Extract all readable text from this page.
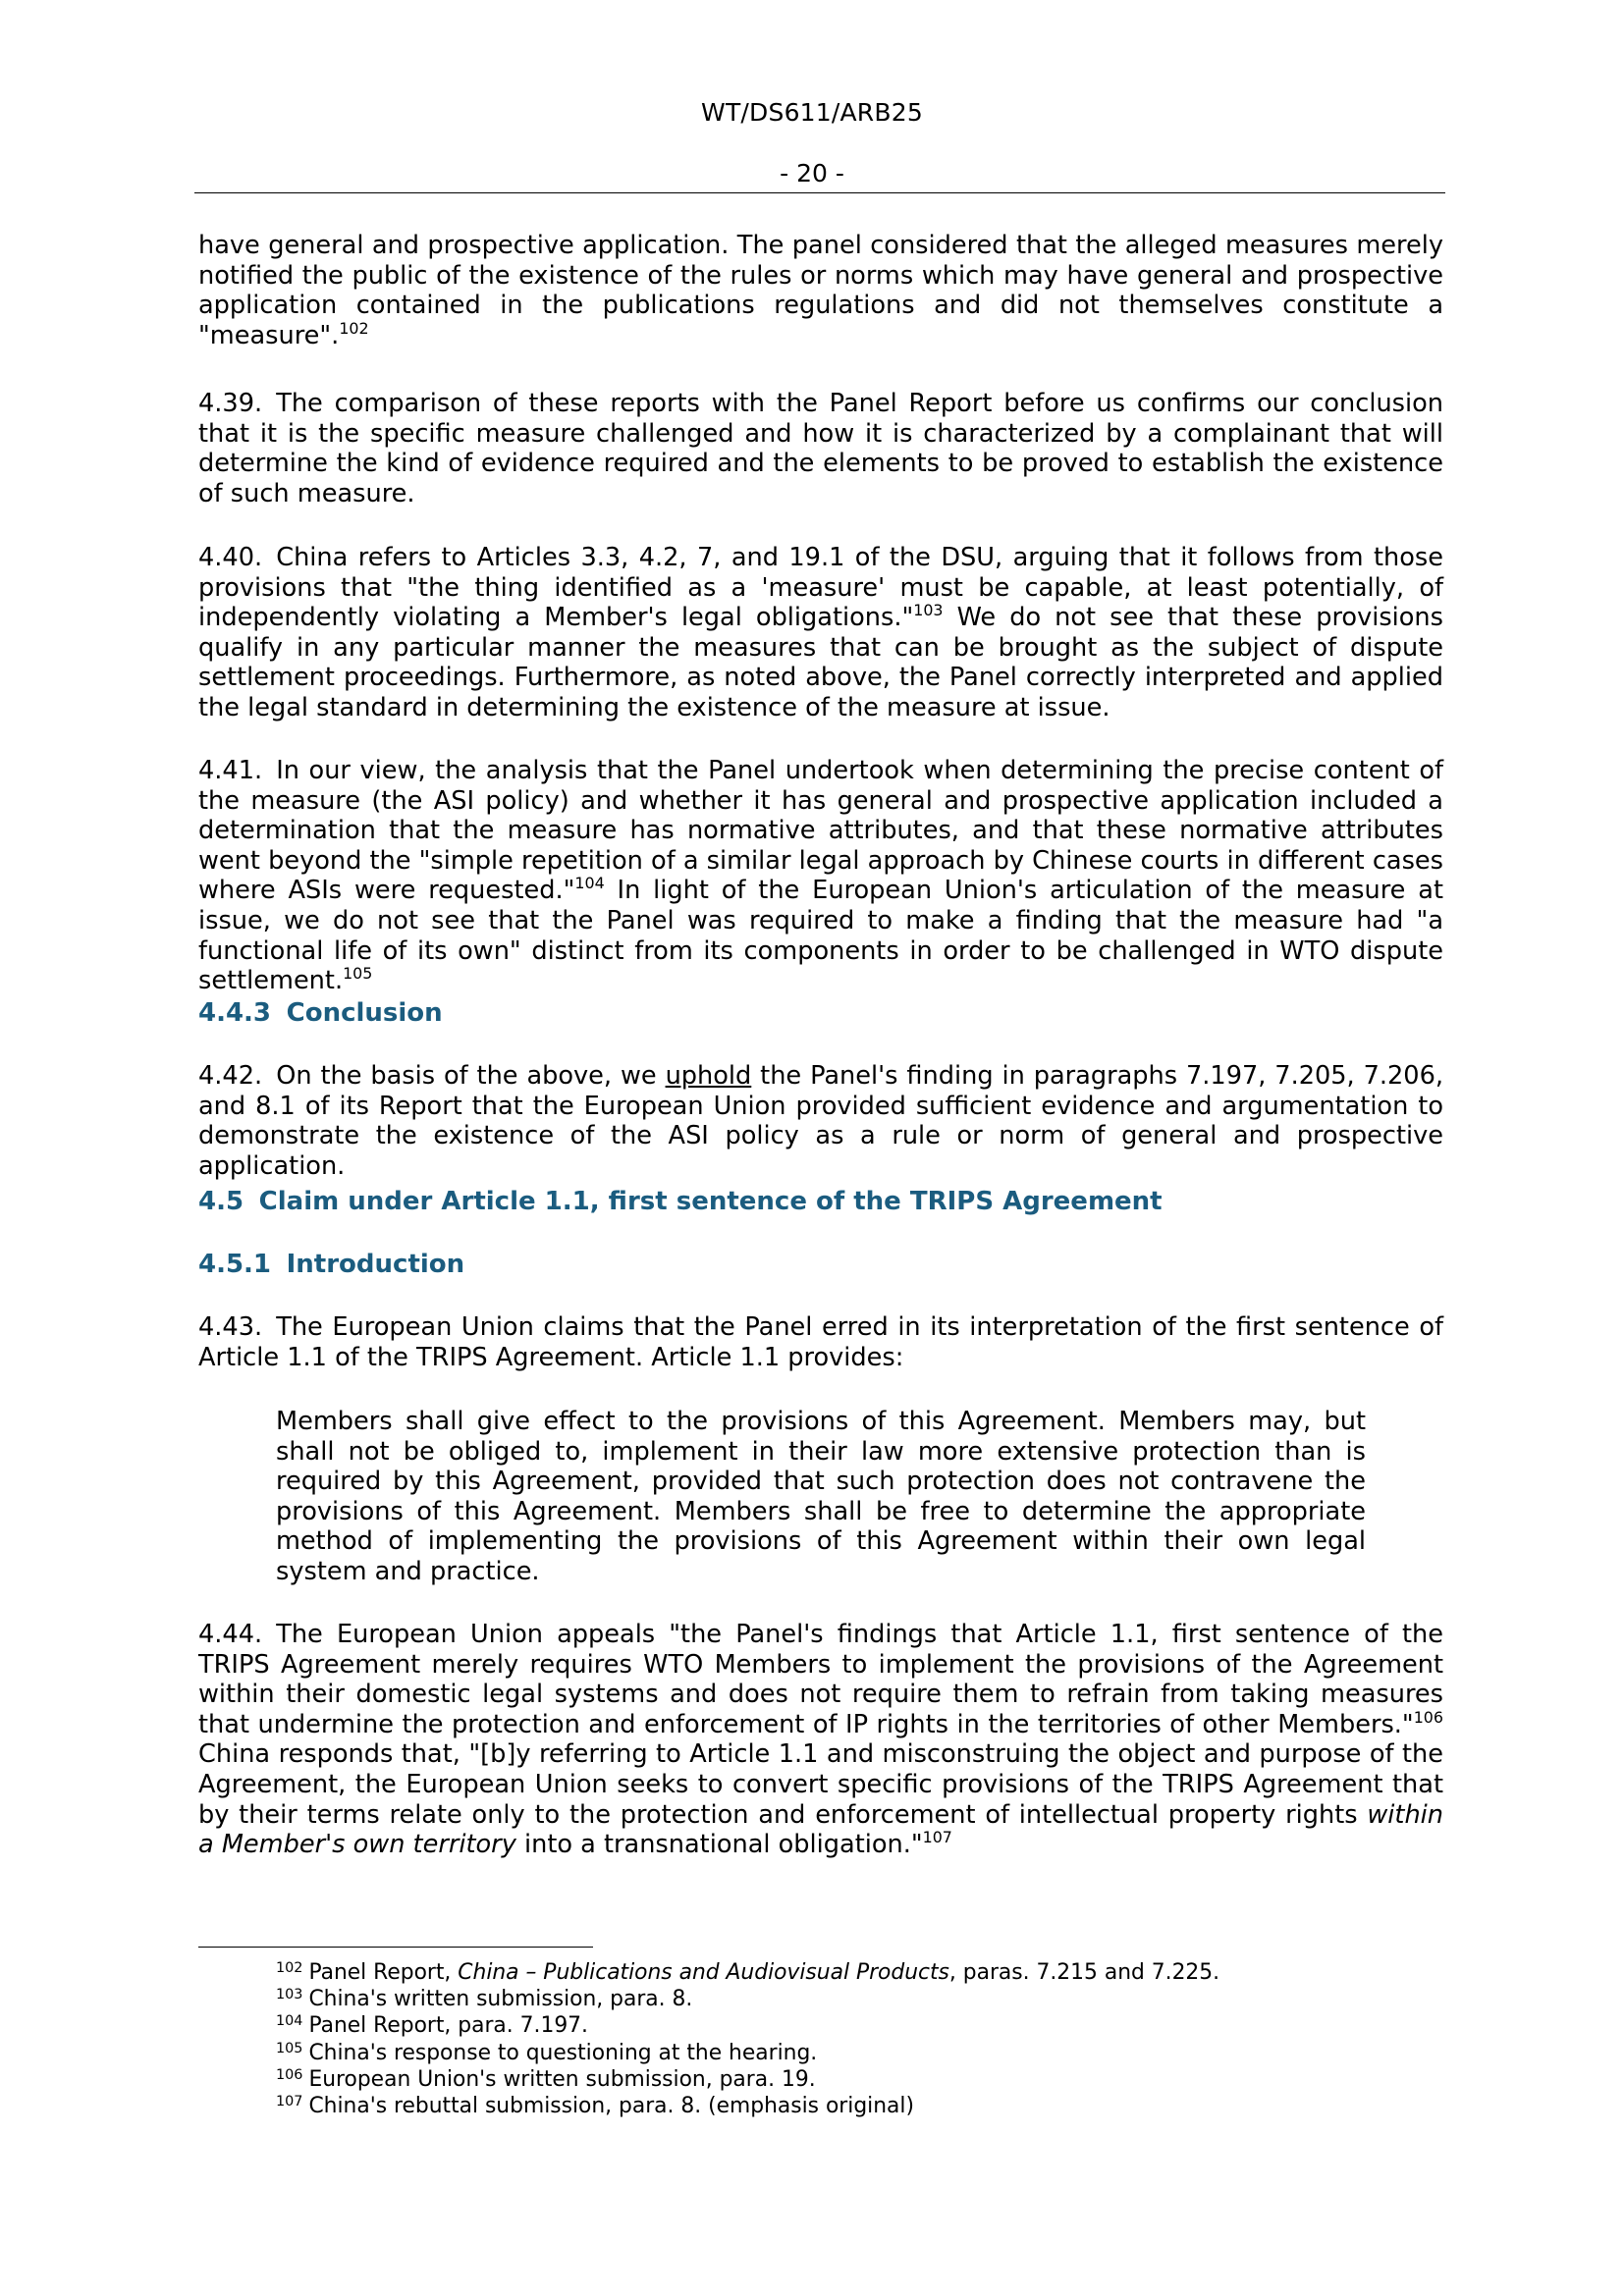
WT/DS611/ARB25
- 20 -
have general and prospective application. The panel considered that the alleged measures merely notified the public of the existence of the rules or norms which may have general and prospective application contained in the publications regulations and did not themselves constitute a "measure".$^{102}$
4.39. The comparison of these reports with the Panel Report before us confirms our conclusion that it is the specific measure challenged and how it is characterized by a complainant that will determine the kind of evidence required and the elements to be proved to establish the existence of such measure.
4.40. China refers to Articles 3.3, 4.2, 7, and 19.1 of the DSU, arguing that it follows from those provisions that "the thing identified as a 'measure' must be capable, at least potentially, of independently violating a Member's legal obligations."$^{103}$ We do not see that these provisions qualify in any particular manner the measures that can be brought as the subject of dispute settlement proceedings. Furthermore, as noted above, the Panel correctly interpreted and applied the legal standard in determining the existence of the measure at issue.
4.41. In our view, the analysis that the Panel undertook when determining the precise content of the measure (the ASI policy) and whether it has general and prospective application included a determination that the measure has normative attributes, and that these normative attributes went beyond the "simple repetition of a similar legal approach by Chinese courts in different cases where ASIs were requested."$^{104}$ In light of the European Union's articulation of the measure at issue, we do not see that the Panel was required to make a finding that the measure had "a functional life of its own" distinct from its components in order to be challenged in WTO dispute settlement.$^{105}$
4.4.3 Conclusion
4.42. On the basis of the above, we uphold the Panel's finding in paragraphs 7.197, 7.205, 7.206, and 8.1 of its Report that the European Union provided sufficient evidence and argumentation to demonstrate the existence of the ASI policy as a rule or norm of general and prospective application.
4.5 Claim under Article 1.1, first sentence of the TRIPS Agreement
4.5.1 Introduction
4.43. The European Union claims that the Panel erred in its interpretation of the first sentence of Article 1.1 of the TRIPS Agreement. Article 1.1 provides:
Members shall give effect to the provisions of this Agreement. Members may, but shall not be obliged to, implement in their law more extensive protection than is required by this Agreement, provided that such protection does not contravene the provisions of this Agreement. Members shall be free to determine the appropriate method of implementing the provisions of this Agreement within their own legal system and practice.
4.44. The European Union appeals "the Panel's findings that Article 1.1, first sentence of the TRIPS Agreement merely requires WTO Members to implement the provisions of the Agreement within their domestic legal systems and does not require them to refrain from taking measures that undermine the protection and enforcement of IP rights in the territories of other Members."$^{106}$ China responds that, "[b]y referring to Article 1.1 and misconstruing the object and purpose of the Agreement, the European Union seeks to convert specific provisions of the TRIPS Agreement that by their terms relate only to the protection and enforcement of intellectual property rights within a Member's own territory into a transnational obligation."$^{107}$
$^{102}$ Panel Report, China – Publications and Audiovisual Products, paras. 7.215 and 7.225.
$^{103}$ China's written submission, para. 8.
$^{104}$ Panel Report, para. 7.197.
$^{105}$ China's response to questioning at the hearing.
$^{106}$ European Union's written submission, para. 19.
$^{107}$ China's rebuttal submission, para. 8. (emphasis original)
